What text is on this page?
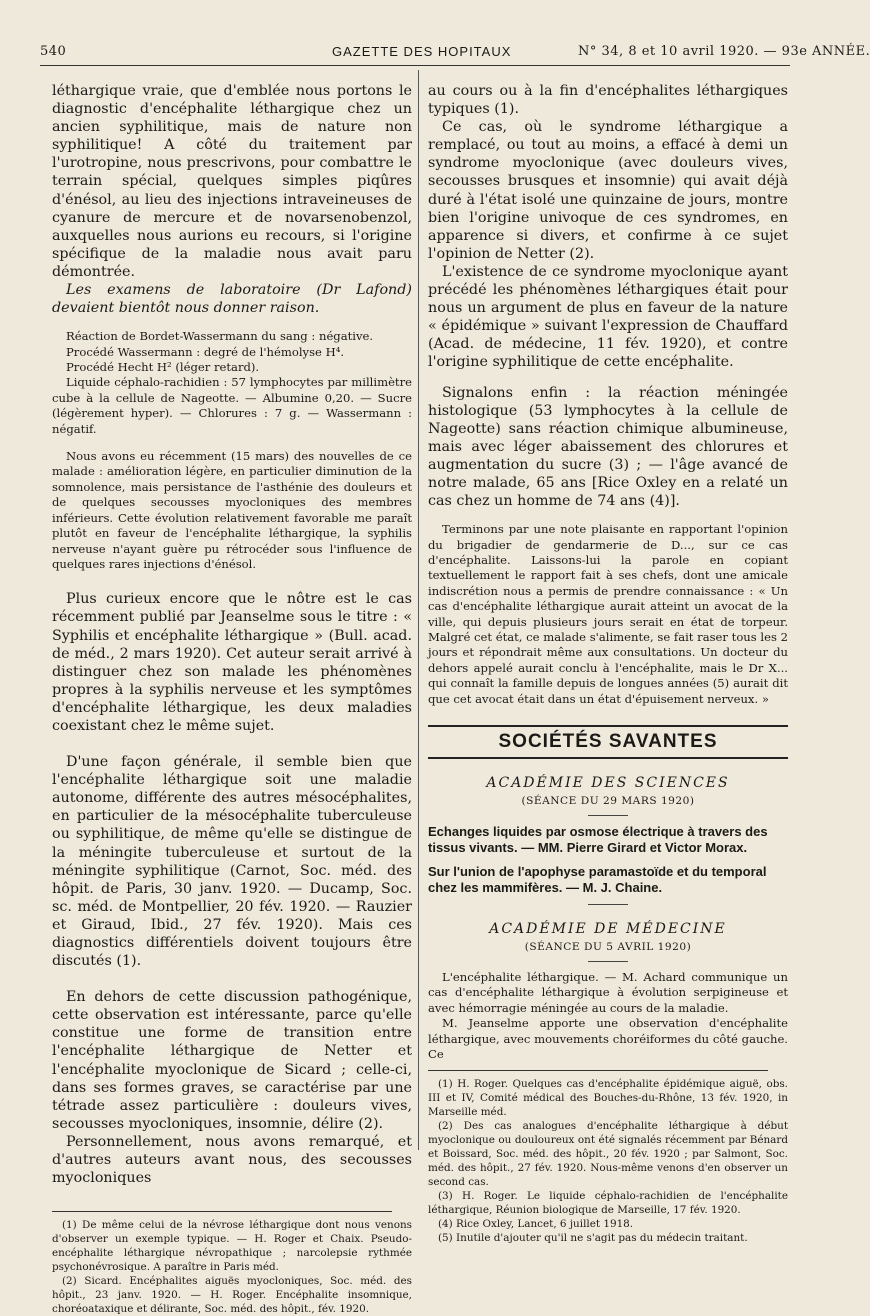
540	GAZETTE DES HOPITAUX	N° 34, 8 et 10 avril 1920. — 93e ANNÉE.

léthargique vraie, que d'emblée nous portons le diagnostic d'encéphalite léthargique chez un ancien syphilitique, mais de nature non syphilitique! A côté du traitement par l'urotropine, nous prescrivons, pour combattre le terrain spécial, quelques simples piqûres d'énésol, au lieu des injections intraveineuses de cyanure de mercure et de novarsenobenzol, auxquelles nous aurions eu recours, si l'origine spécifique de la maladie nous avait paru démontrée.

Les examens de laboratoire (Dr Lafond) devaient bientôt nous donner raison.

Réaction de Bordet-Wassermann du sang : négative.

Procédé Wassermann : degré de l'hémolyse H⁴.

Procédé Hecht H² (léger retard).

Liquide céphalo-rachidien : 57 lymphocytes par millimètre cube à la cellule de Nageotte. — Albumine 0,20. — Sucre (légèrement hyper). — Chlorures : 7 g. — Wassermann : négatif.

Nous avons eu récemment (15 mars) des nouvelles de ce malade : amélioration légère, en particulier diminution de la somnolence, mais persistance de l'asthénie des douleurs et de quelques secousses myocloniques des membres inférieurs. Cette évolution relativement favorable me paraît plutôt en faveur de l'encéphalite léthargique, la syphilis nerveuse n'ayant guère pu rétrocéder sous l'influence de quelques rares injections d'énésol.

Plus curieux encore que le nôtre est le cas récemment publié par Jeanselme sous le titre : « Syphilis et encéphalite léthargique » (Bull. acad. de méd., 2 mars 1920). Cet auteur serait arrivé à distinguer chez son malade les phénomènes propres à la syphilis nerveuse et les symptômes d'encéphalite léthargique, les deux maladies coexistant chez le même sujet.

D'une façon générale, il semble bien que l'encéphalite léthargique soit une maladie autonome, différente des autres mésocéphalites, en particulier de la mésocéphalite tuberculeuse ou syphilitique, de même qu'elle se distingue de la méningite tuberculeuse et surtout de la méningite syphilitique (Carnot, Soc. méd. des hôpit. de Paris, 30 janv. 1920. — Ducamp, Soc. sc. méd. de Montpellier, 20 fév. 1920. — Rauzier et Giraud, Ibid., 27 fév. 1920). Mais ces diagnostics différentiels doivent toujours être discutés (1).

En dehors de cette discussion pathogénique, cette observation est intéressante, parce qu'elle constitue une forme de transition entre l'encéphalite léthargique de Netter et l'encéphalite myoclonique de Sicard ; celle-ci, dans ses formes graves, se caractérise par une tétrade assez particulière : douleurs vives, secousses myocloniques, insomnie, délire (2).

Personnellement, nous avons remarqué, et d'autres auteurs avant nous, des secousses myocloniques

(1) De même celui de la névrose léthargique dont nous venons d'observer un exemple typique. — H. Roger et Chaix. Pseudo-encéphalite léthargique névropathique ; narcolepsie rythmée psychonévrosique. A paraître in Paris méd.

(2) Sicard. Encéphalites aiguës myocloniques, Soc. méd. des hôpit., 23 janv. 1920. — H. Roger. Encéphalite insomnique, choréoataxique et délirante, Soc. méd. des hôpit., fév. 1920.

au cours ou à la fin d'encéphalites léthargiques typiques (1).

Ce cas, où le syndrome léthargique a remplacé, ou tout au moins, a effacé à demi un syndrome myoclonique (avec douleurs vives, secousses brusques et insomnie) qui avait déjà duré à l'état isolé une quinzaine de jours, montre bien l'origine univoque de ces syndromes, en apparence si divers, et confirme à ce sujet l'opinion de Netter (2).

L'existence de ce syndrome myoclonique ayant précédé les phénomènes léthargiques était pour nous un argument de plus en faveur de la nature « épidémique » suivant l'expression de Chauffard (Acad. de médecine, 11 fév. 1920), et contre l'origine syphilitique de cette encéphalite.

Signalons enfin : la réaction méningée histologique (53 lymphocytes à la cellule de Nageotte) sans réaction chimique albumineuse, mais avec léger abaissement des chlorures et augmentation du sucre (3) ; — l'âge avancé de notre malade, 65 ans [Rice Oxley en a relaté un cas chez un homme de 74 ans (4)].

Terminons par une note plaisante en rapportant l'opinion du brigadier de gendarmerie de D..., sur ce cas d'encéphalite. Laissons-lui la parole en copiant textuellement le rapport fait à ses chefs, dont une amicale indiscrétion nous a permis de prendre connaissance : « Un cas d'encéphalite léthargique aurait atteint un avocat de la ville, qui depuis plusieurs jours serait en état de torpeur. Malgré cet état, ce malade s'alimente, se fait raser tous les 2 jours et répondrait même aux consultations. Un docteur du dehors appelé aurait conclu à l'encéphalite, mais le Dr X... qui connaît la famille depuis de longues années (5) aurait dit que cet avocat était dans un état d'épuisement nerveux. »

SOCIÉTÉS SAVANTES
ACADÉMIE DES SCIENCES
(SÉANCE DU 29 MARS 1920)
Echanges liquides par osmose électrique à travers des tissus vivants. — MM. Pierre Girard et Victor Morax.
Sur l'union de l'apophyse paramastoïde et du temporal chez les mammifères. — M. J. Chaine.
ACADÉMIE DE MÉDECINE
(SÉANCE DU 5 AVRIL 1920)

L'encéphalite léthargique. — M. Achard communique un cas d'encéphalite léthargique à évolution serpigineuse et avec hémorragie méningée au cours de la maladie.

M. Jeanselme apporte une observation d'encéphalite léthargique, avec mouvements choréiformes du côté gauche. Ce

(1) H. Roger. Quelques cas d'encéphalite épidémique aiguë, obs. III et IV, Comité médical des Bouches-du-Rhône, 13 fév. 1920, in Marseille méd.

(2) Des cas analogues d'encéphalite léthargique à début myoclonique ou douloureux ont été signalés récemment par Bénard et Boissard, Soc. méd. des hôpit., 20 fév. 1920 ; par Salmont, Soc. méd. des hôpit., 27 fév. 1920. Nous-même venons d'en observer un second cas.

(3) H. Roger. Le liquide céphalo-rachidien de l'encéphalite léthargique, Réunion biologique de Marseille, 17 fév. 1920.

(4) Rice Oxley, Lancet, 6 juillet 1918.

(5) Inutile d'ajouter qu'il ne s'agit pas du médecin traitant.
